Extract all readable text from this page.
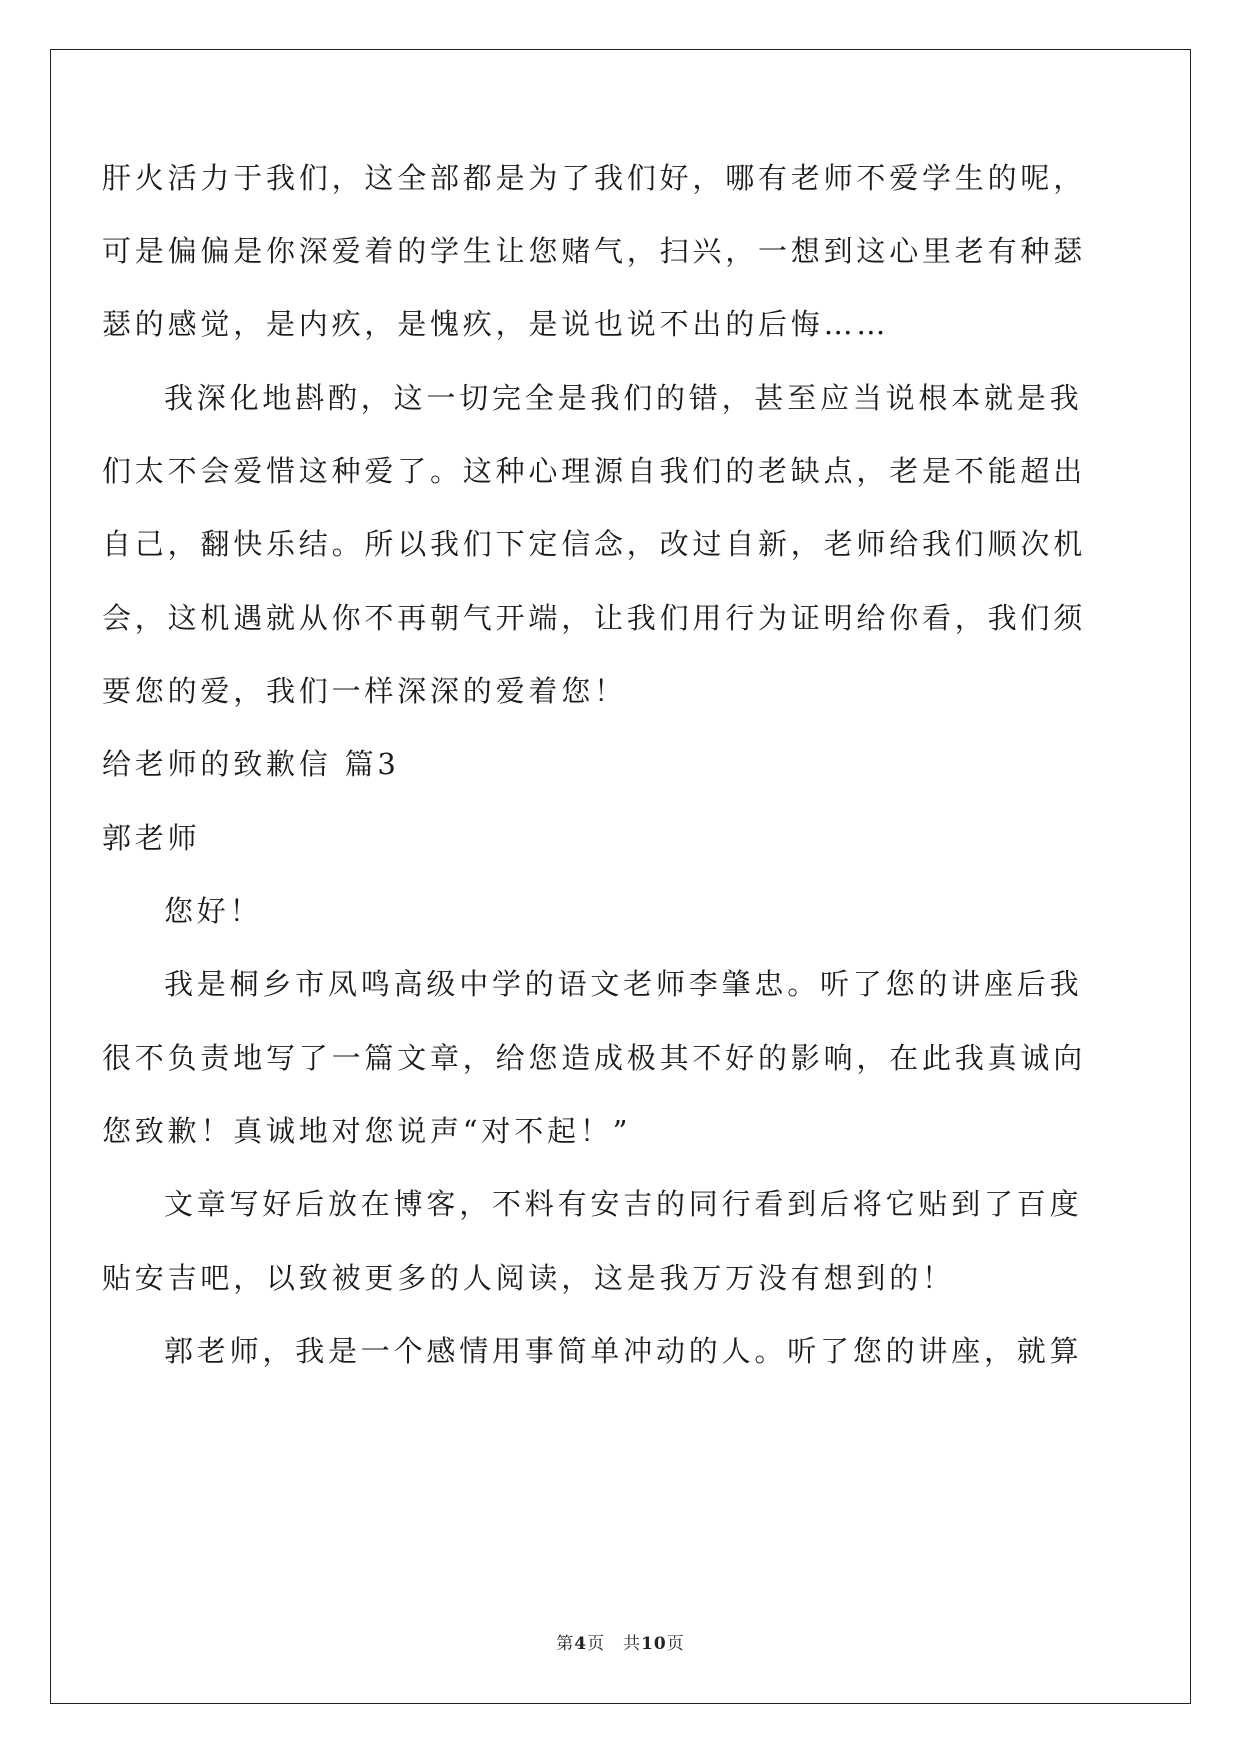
肝火活力于我们，这全部都是为了我们好，哪有老师不爱学生的呢，
可是偏偏是你深爱着的学生让您赌气，扫兴，一想到这心里老有种瑟
瑟的感觉，是内疚，是愧疚，是说也说不出的后悔……
我深化地斟酌，这一切完全是我们的错，甚至应当说根本就是我
们太不会爱惜这种爱了。这种心理源自我们的老缺点，老是不能超出
自己，翻快乐结。所以我们下定信念，改过自新，老师给我们顺次机
会，这机遇就从你不再朝气开端，让我们用行为证明给你看，我们须
要您的爱，我们一样深深的爱着您！
给老师的致歉信 篇3
郭老师
您好！
我是桐乡市凤鸣高级中学的语文老师李肇忠。听了您的讲座后我
很不负责地写了一篇文章，给您造成极其不好的影响，在此我真诚向
您致歉！真诚地对您说声“对不起！”
文章写好后放在博客，不料有安吉的同行看到后将它贴到了百度
贴安吉吧，以致被更多的人阅读，这是我万万没有想到的！
郭老师，我是一个感情用事简单冲动的人。听了您的讲座，就算
第4页　共10页
